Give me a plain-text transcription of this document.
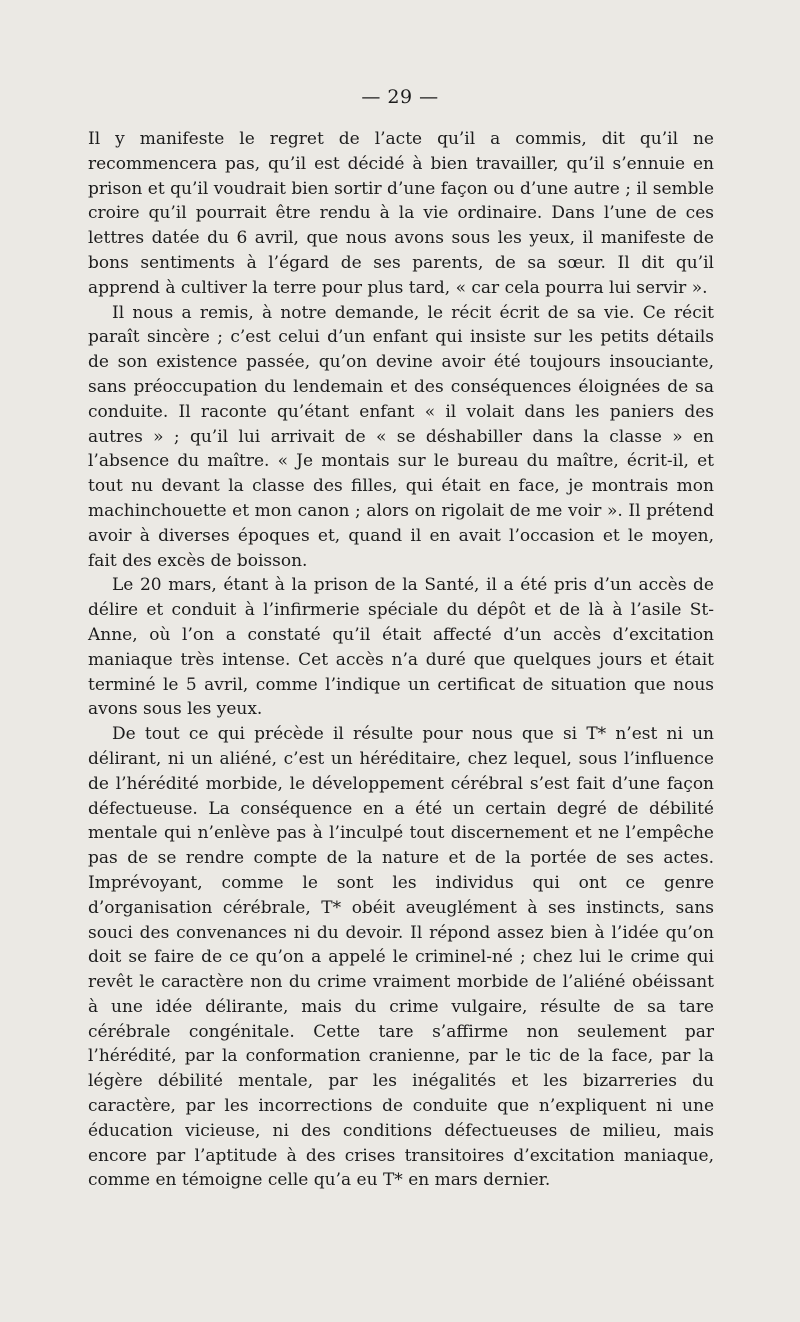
— 29 —

Il y manifeste le regret de l’acte qu’il a commis, dit qu’il ne recommencera pas, qu’il est décidé à bien travailler, qu’il s’ennuie en prison et qu’il voudrait bien sortir d’une façon ou d’une autre ; il semble croire qu’il pourrait être rendu à la vie ordinaire. Dans l’une de ces lettres datée du 6 avril, que nous avons sous les yeux, il manifeste de bons sentiments à l’égard de ses parents, de sa sœur. Il dit qu’il apprend à cultiver la terre pour plus tard, « car cela pourra lui servir ».

Il nous a remis, à notre demande, le récit écrit de sa vie. Ce récit paraît sincère ; c’est celui d’un enfant qui insiste sur les petits détails de son existence passée, qu’on devine avoir été toujours insouciante, sans préoccupation du lendemain et des conséquences éloignées de sa conduite. Il raconte qu’étant enfant « il volait dans les paniers des autres » ; qu’il lui arrivait de « se déshabiller dans la classe » en l’absence du maître. « Je montais sur le bureau du maître, écrit-il, et tout nu devant la classe des filles, qui était en face, je montrais mon machinchouette et mon canon ; alors on rigolait de me voir ». Il prétend avoir à diverses époques et, quand il en avait l’occasion et le moyen, fait des excès de boisson.

Le 20 mars, étant à la prison de la Santé, il a été pris d’un accès de délire et conduit à l’infirmerie spéciale du dépôt et de là à l’asile St-Anne, où l’on a constaté qu’il était affecté d’un accès d’excitation maniaque très intense. Cet accès n’a duré que quelques jours et était terminé le 5 avril, comme l’indique un certificat de situation que nous avons sous les yeux.

De tout ce qui précède il résulte pour nous que si T* n’est ni un délirant, ni un aliéné, c’est un héréditaire, chez lequel, sous l’influence de l’hérédité morbide, le développement cérébral s’est fait d’une façon défectueuse. La conséquence en a été un certain degré de débilité mentale qui n’enlève pas à l’inculpé tout discernement et ne l’empêche pas de se rendre compte de la nature et de la portée de ses actes. Imprévoyant, comme le sont les individus qui ont ce genre d’organisation cérébrale, T* obéit aveuglément à ses instincts, sans souci des convenances ni du devoir. Il répond assez bien à l’idée qu’on doit se faire de ce qu’on a appelé le criminel-né ; chez lui le crime qui revêt le caractère non du crime vraiment morbide de l’aliéné obéissant à une idée délirante, mais du crime vulgaire, résulte de sa tare cérébrale congénitale. Cette tare s’affirme non seulement par l’hérédité, par la conformation cranienne, par le tic de la face, par la légère débilité mentale, par les inégalités et les bizarreries du caractère, par les incorrections de conduite que n’expliquent ni une éducation vicieuse, ni des conditions défectueuses de milieu, mais encore par l’aptitude à des crises transitoires d’excitation maniaque, comme en témoigne celle qu’a eu T* en mars dernier.
